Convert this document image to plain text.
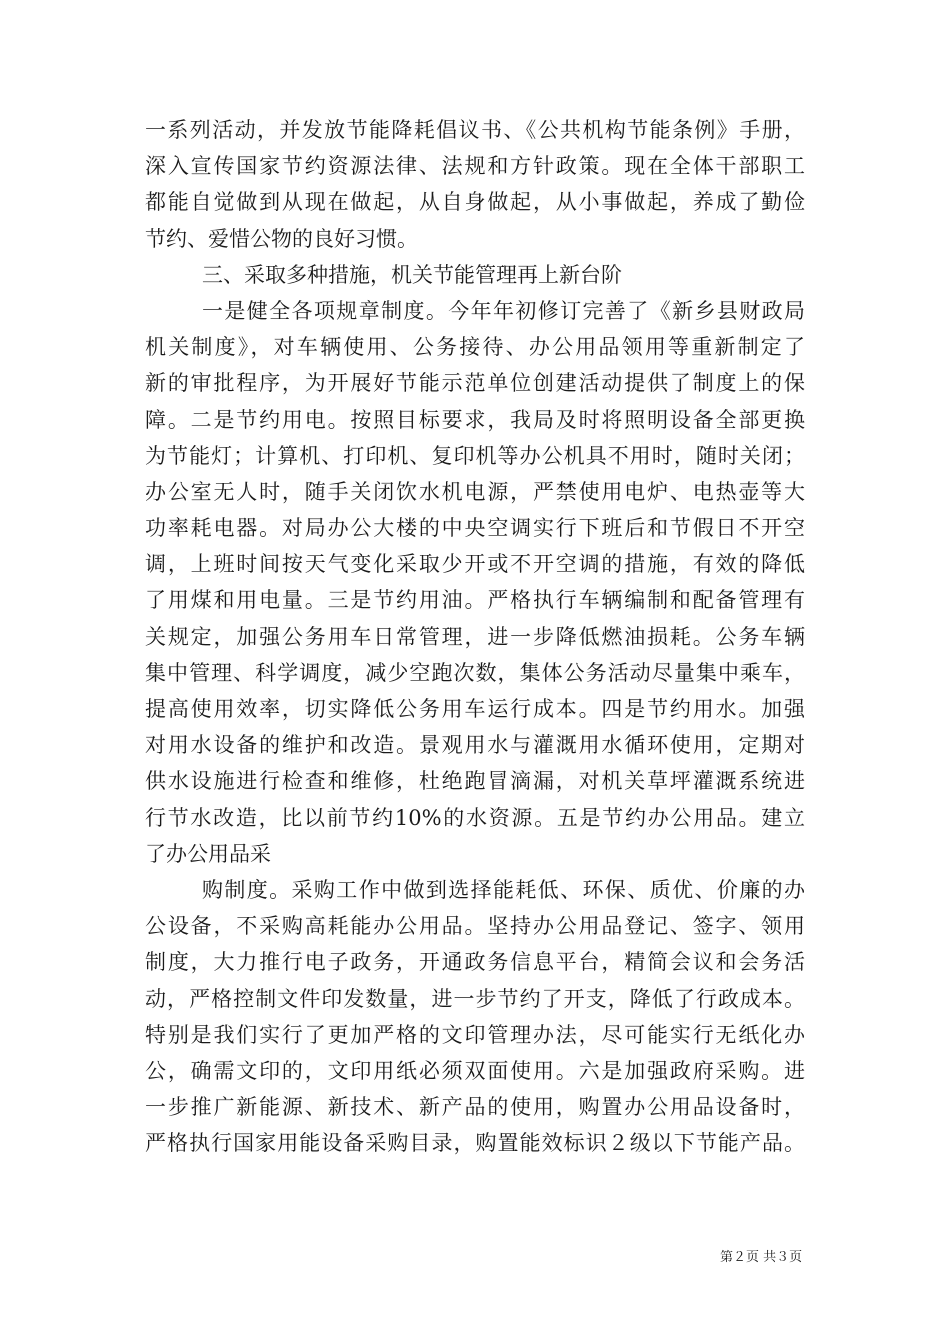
一系列活动，并发放节能降耗倡议书、《公共机构节能条例》手册，
深入宣传国家节约资源法律、法规和方针政策。现在全体干部职工
都能自觉做到从现在做起，从自身做起，从小事做起，养成了勤俭
节约、爱惜公物的良好习惯。
三、采取多种措施，机关节能管理再上新台阶
一是健全各项规章制度。今年年初修订完善了《新乡县财政局
机关制度》，对车辆使用、公务接待、办公用品领用等重新制定了
新的审批程序，为开展好节能示范单位创建活动提供了制度上的保
障。二是节约用电。按照目标要求，我局及时将照明设备全部更换
为节能灯；计算机、打印机、复印机等办公机具不用时，随时关闭；
办公室无人时，随手关闭饮水机电源，严禁使用电炉、电热壶等大
功率耗电器。对局办公大楼的中央空调实行下班后和节假日不开空
调，上班时间按天气变化采取少开或不开空调的措施，有效的降低
了用煤和用电量。三是节约用油。严格执行车辆编制和配备管理有
关规定，加强公务用车日常管理，进一步降低燃油损耗。公务车辆
集中管理、科学调度，减少空跑次数，集体公务活动尽量集中乘车，
提高使用效率，切实降低公务用车运行成本。四是节约用水。加强
对用水设备的维护和改造。景观用水与灌溉用水循环使用，定期对
供水设施进行检查和维修，杜绝跑冒滴漏，对机关草坪灌溉系统进
行节水改造，比以前节约10%的水资源。五是节约办公用品。建立
了办公用品采
购制度。采购工作中做到选择能耗低、环保、质优、价廉的办
公设备，不采购高耗能办公用品。坚持办公用品登记、签字、领用
制度，大力推行电子政务，开通政务信息平台，精简会议和会务活
动，严格控制文件印发数量，进一步节约了开支，降低了行政成本。
特别是我们实行了更加严格的文印管理办法，尽可能实行无纸化办
公，确需文印的，文印用纸必须双面使用。六是加强政府采购。进
一步推广新能源、新技术、新产品的使用，购置办公用品设备时，
严格执行国家用能设备采购目录，购置能效标识２级以下节能产品。
第２页 共３页
